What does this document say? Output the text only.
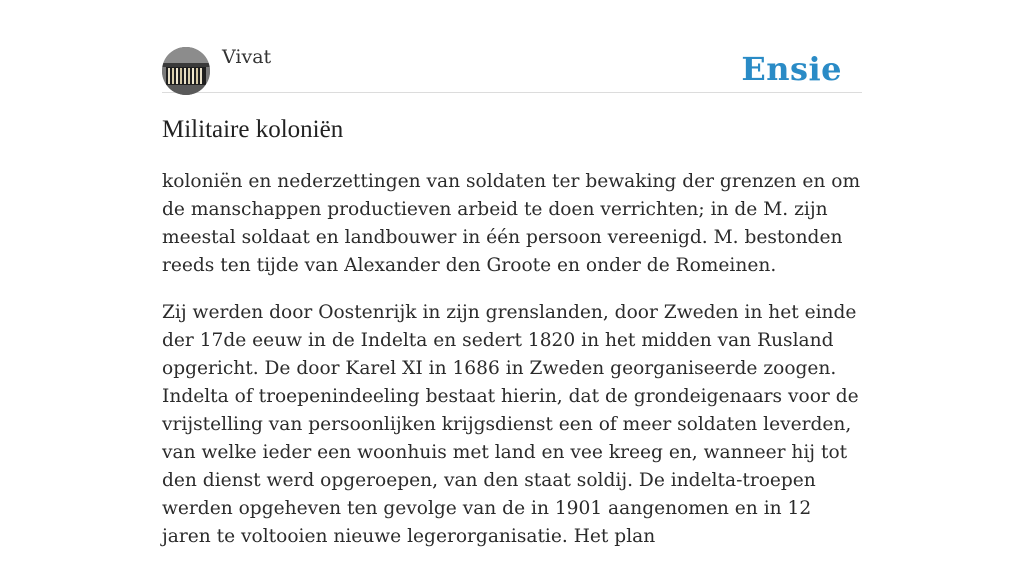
Vivat	Ensie
Militaire koloniën

koloniën en nederzettingen van soldaten ter bewaking der grenzen en om de manschappen productieven arbeid te doen verrichten; in de M. zijn meestal soldaat en landbouwer in één persoon vereenigd. M. bestonden reeds ten tijde van Alexander den Groote en onder de Romeinen.

Zij werden door Oostenrijk in zijn grenslanden, door Zweden in het einde der 17de eeuw in de Indelta en sedert 1820 in het midden van Rusland opgericht. De door Karel XI in 1686 in Zweden georganiseerde zoogen. Indelta of troepenindeeling bestaat hierin, dat de grondeigenaars voor de vrijstelling van persoonlijken krijgsdienst een of meer soldaten leverden, van welke ieder een woonhuis met land en vee kreeg en, wanneer hij tot den dienst werd opgeroepen, van den staat soldij. De indelta-troepen werden opgeheven ten gevolge van de in 1901 aangenomen en in 12 jaren te voltooien nieuwe legerorganisatie. Het plan
